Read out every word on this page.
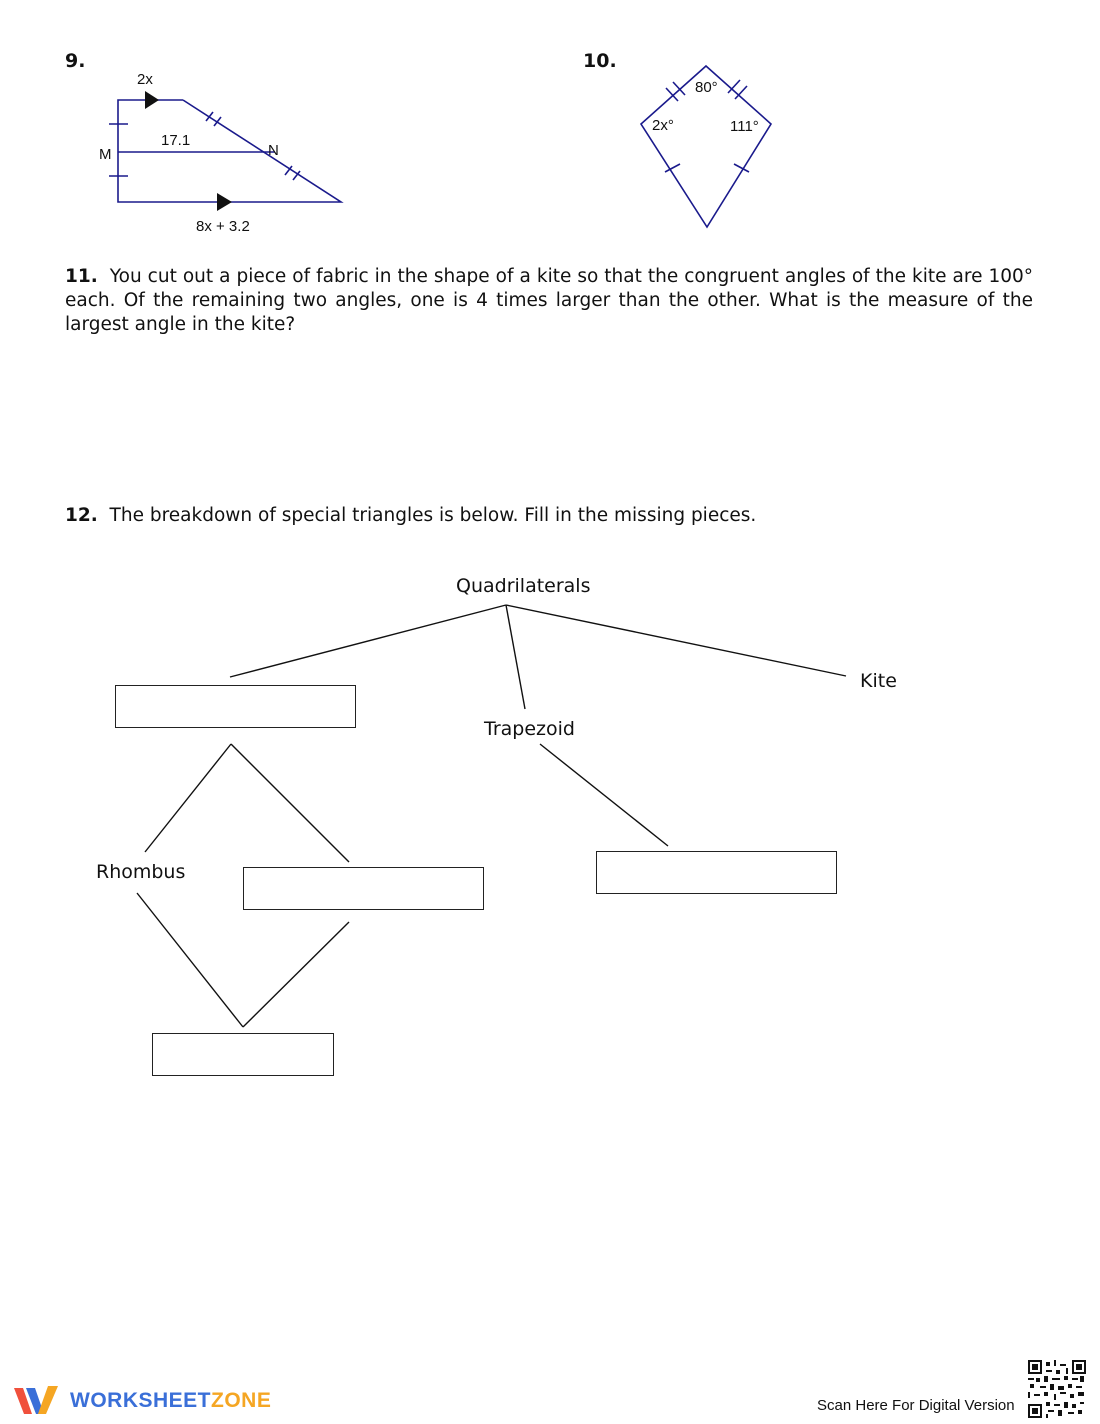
9.
2x
17.1
M	N
8x + 3.2
10.
80°
2x°	111°
11. You cut out a piece of fabric in the shape of a kite so that the congruent angles of the kite are 100° each. Of the remaining two angles, one is 4 times larger than the other. What is the measure of the largest angle in the kite?
12. The breakdown of special triangles is below. Fill in the missing pieces.
Quadrilaterals
Trapezoid
Kite
Rhombus
WORKSHEETZONE	Scan Here For Digital Version
